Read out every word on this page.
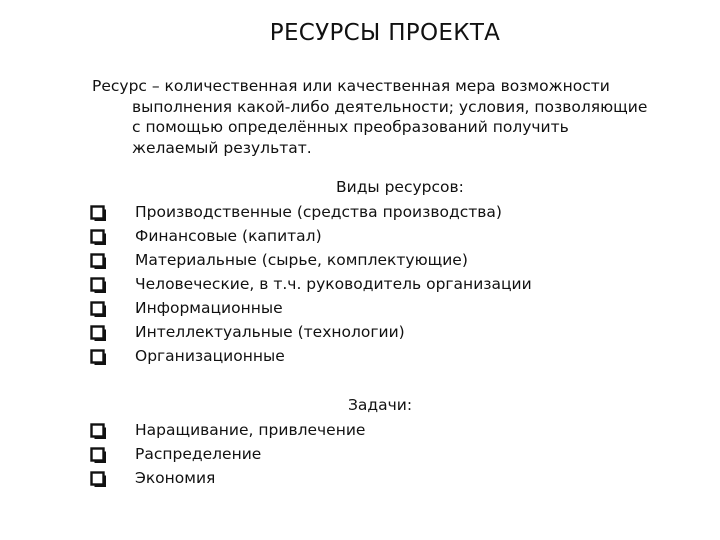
РЕСУРСЫ ПРОЕКТА
Ресурс – количественная или качественная мера возможности
выполнения какой-либо деятельности; условия, позволяющие
с помощью определённых преобразований получить
желаемый результат.
Виды ресурсов:
Производственные (средства производства)
Финансовые (капитал)
Материальные (сырье, комплектующие)
Человеческие, в т.ч. руководитель организации
Информационные
Интеллектуальные (технологии)
Организационные
Задачи:
Наращивание, привлечение
Распределение
Экономия
